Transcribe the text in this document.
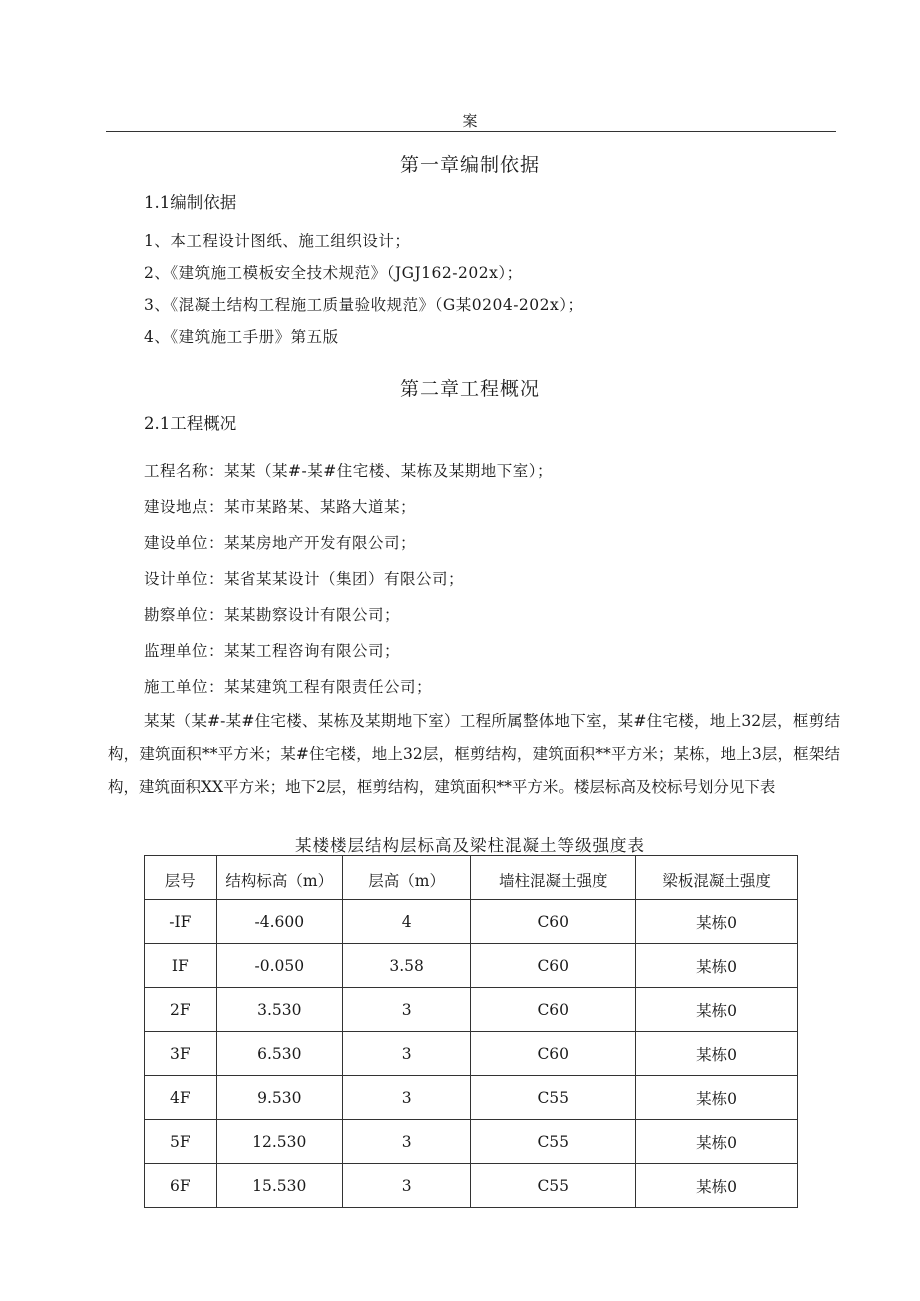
案
第一章编制依据
1.1编制依据
1、本工程设计图纸、施工组织设计；
2、《建筑施工模板安全技术规范》（JGJ162-202x）；
3、《混凝土结构工程施工质量验收规范》（G某0204-202x）；
4、《建筑施工手册》第五版
第二章工程概况
2.1工程概况
工程名称：某某（某#-某#住宅楼、某栋及某期地下室）；
建设地点：某市某路某、某路大道某；
建设单位：某某房地产开发有限公司；
设计单位：某省某某设计（集团）有限公司；
勘察单位：某某勘察设计有限公司；
监理单位：某某工程咨询有限公司；
施工单位：某某建筑工程有限责任公司；
某某（某#-某#住宅楼、某栋及某期地下室）工程所属整体地下室，某#住宅楼，地上32层，框剪结构，建筑面积**平方米；某#住宅楼，地上32层，框剪结构，建筑面积**平方米；某栋，地上3层，框架结构，建筑面积XX平方米；地下2层，框剪结构，建筑面积**平方米。楼层标高及校标号划分见下表
某楼楼层结构层标高及梁柱混凝土等级强度表
层号	结构标高（m）	层高（m）	墙柱混凝土强度	梁板混凝土强度
-IF	-4.600	4	C60	某栋0
IF	-0.050	3.58	C60	某栋0
2F	3.530	3	C60	某栋0
3F	6.530	3	C60	某栋0
4F	9.530	3	C55	某栋0
5F	12.530	3	C55	某栋0
6F	15.530	3	C55	某栋0
